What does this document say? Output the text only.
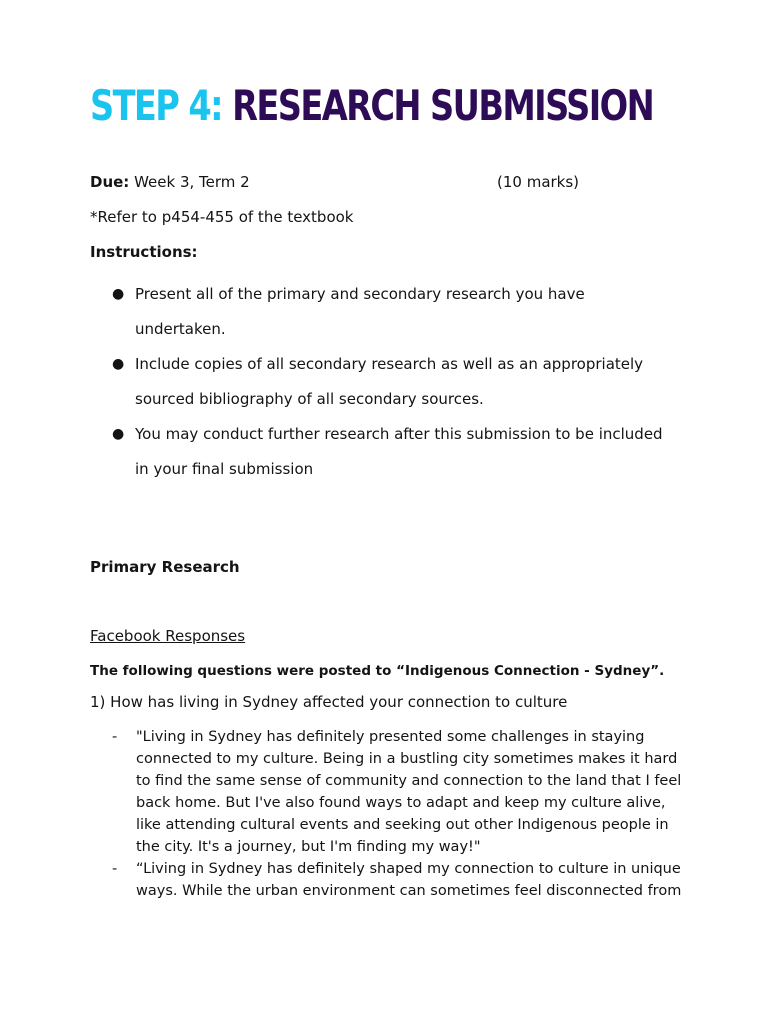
STEP 4: RESEARCH SUBMISSION
Due: Week 3, Term 2	(10 marks)
*Refer to p454-455 of the textbook
Instructions:
● Present all of the primary and secondary research you have
undertaken.
● Include copies of all secondary research as well as an appropriately
sourced bibliography of all secondary sources.
● You may conduct further research after this submission to be included
in your final submission
Primary Research
Facebook Responses
The following questions were posted to “Indigenous Connection - Sydney”.
1) How has living in Sydney affected your connection to culture
- "Living in Sydney has definitely presented some challenges in staying
connected to my culture. Being in a bustling city sometimes makes it hard
to find the same sense of community and connection to the land that I feel
back home. But I've also found ways to adapt and keep my culture alive,
like attending cultural events and seeking out other Indigenous people in
the city. It's a journey, but I'm finding my way!"
- “Living in Sydney has definitely shaped my connection to culture in unique
ways. While the urban environment can sometimes feel disconnected from
